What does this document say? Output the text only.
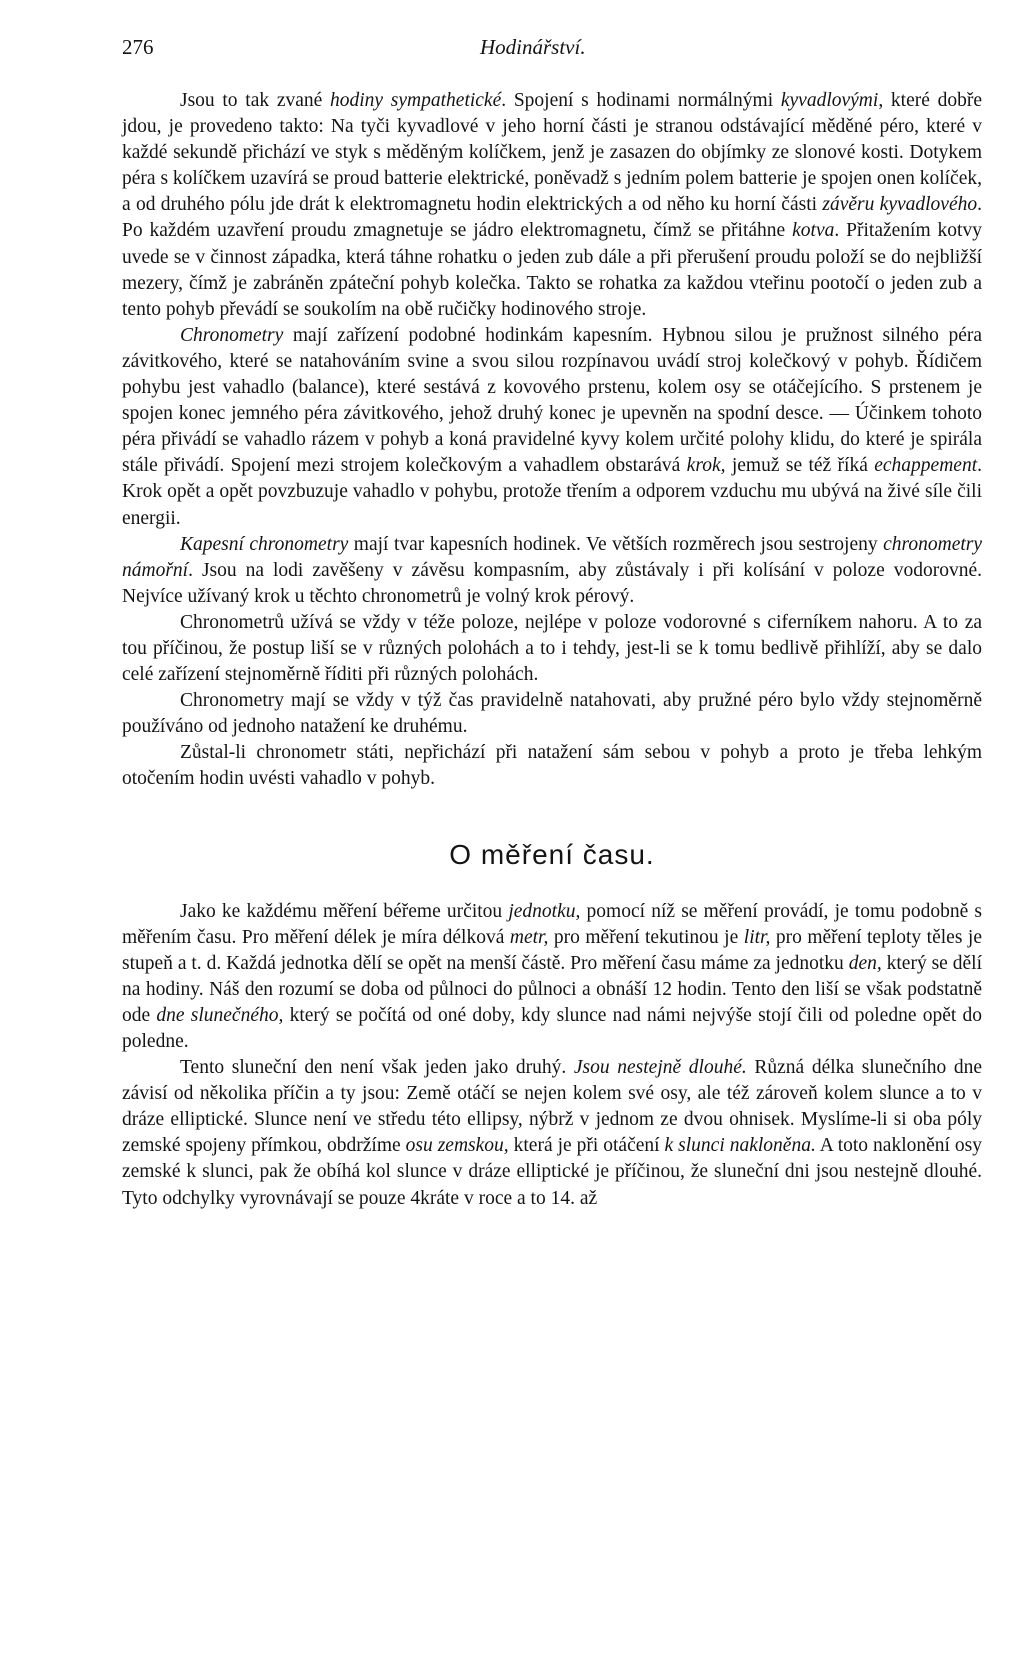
276	Hodinářství.

Jsou to tak zvané hodiny sympathetické. Spojení s hodinami normálnými kyvadlovými, které dobře jdou, je provedeno takto: Na tyči kyvadlové v jeho horní části je stranou odstávající měděné péro, které v každé sekundě přichází ve styk s měděným kolíčkem, jenž je zasazen do objímky ze slonové kosti. Dotykem péra s kolíčkem uzavírá se proud batterie elektrické, poněvadž s jedním polem batterie je spojen onen kolíček, a od druhého pólu jde drát k elektromagnetu hodin elektrických a od něho ku horní části závěru kyvadlového. Po každém uzavření proudu zmagnetuje se jádro elektromagnetu, čímž se přitáhne kotva. Přitažením kotvy uvede se v činnost západka, která táhne rohatku o jeden zub dále a při přerušení proudu položí se do nejbližší mezery, čímž je zabráněn zpáteční pohyb kolečka. Takto se rohatka za každou vteřinu pootočí o jeden zub a tento pohyb převádí se soukolím na obě ručičky hodinového stroje.

Chronometry mají zařízení podobné hodinkám kapesním. Hybnou silou je pružnost silného péra závitkového, které se natahováním svine a svou silou rozpínavou uvádí stroj kolečkový v pohyb. Řídičem pohybu jest vahadlo (balance), které sestává z kovového prstenu, kolem osy se otáčejícího. S prstenem je spojen konec jemného péra závitkového, jehož druhý konec je upevněn na spodní desce. — Účinkem tohoto péra přivádí se vahadlo rázem v pohyb a koná pravidelné kyvy kolem určité polohy klidu, do které je spirála stále přivádí. Spojení mezi strojem kolečkovým a vahadlem obstarává krok, jemuž se též říká echappement. Krok opět a opět povzbuzuje vahadlo v pohybu, protože třením a odporem vzduchu mu ubývá na živé síle čili energii.

Kapesní chronometry mají tvar kapesních hodinek. Ve větších rozměrech jsou sestrojeny chronometry námořní. Jsou na lodi zavěšeny v závěsu kompasním, aby zůstávaly i při kolísání v poloze vodorovné. Nejvíce užívaný krok u těchto chronometrů je volný krok pérový.

Chronometrů užívá se vždy v téže poloze, nejlépe v poloze vodorovné s ciferníkem nahoru. A to za tou příčinou, že postup liší se v různých polohách a to i tehdy, jest-li se k tomu bedlivě přihlíží, aby se dalo celé zařízení stejnoměrně říditi při různých polohách.

Chronometry mají se vždy v týž čas pravidelně natahovati, aby pružné péro bylo vždy stejnoměrně používáno od jednoho natažení ke druhému.

Zůstal-li chronometr státi, nepřichází při natažení sám sebou v pohyb a proto je třeba lehkým otočením hodin uvésti vahadlo v pohyb.

O měření času.

Jako ke každému měření béřeme určitou jednotku, pomocí níž se měření provádí, je tomu podobně s měřením času. Pro měření délek je míra délková metr, pro měření tekutinou je litr, pro měření teploty těles je stupeň a t. d. Každá jednotka dělí se opět na menší částě. Pro měření času máme za jednotku den, který se dělí na hodiny. Náš den rozumí se doba od půlnoci do půlnoci a obnáší 12 hodin. Tento den liší se však podstatně ode dne slunečného, který se počítá od oné doby, kdy slunce nad námi nejvýše stojí čili od poledne opět do poledne.

Tento sluneční den není však jeden jako druhý. Jsou nestejně dlouhé. Různá délka slunečního dne závisí od několika příčin a ty jsou: Země otáčí se nejen kolem své osy, ale též zároveň kolem slunce a to v dráze elliptické. Slunce není ve středu této ellipsy, nýbrž v jednom ze dvou ohnisek. Myslíme-li si oba póly zemské spojeny přímkou, obdržíme osu zemskou, která je při otáčení k slunci nakloněna. A toto naklonění osy zemské k slunci, pak že obíhá kol slunce v dráze elliptické je příčinou, že sluneční dni jsou nestejně dlouhé. Tyto odchylky vyrovnávají se pouze 4kráte v roce a to 14. až
